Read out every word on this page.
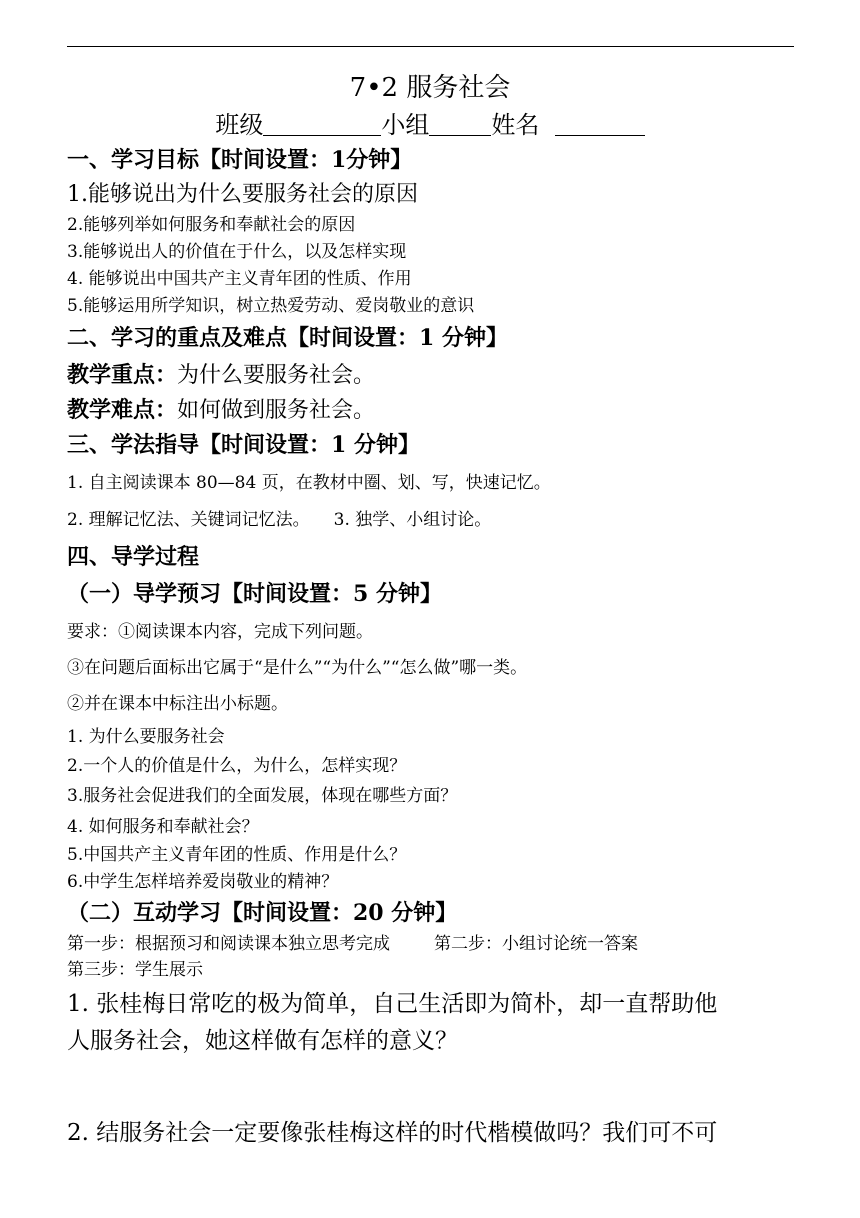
7•2 服务社会
班级	小组	姓名
一、学习目标【时间设置：1分钟】
1.能够说出为什么要服务社会的原因
2.能够列举如何服务和奉献社会的原因
3.能够说出人的价值在于什么，以及怎样实现
4. 能够说出中国共产主义青年团的性质、作用
5.能够运用所学知识，树立热爱劳动、爱岗敬业的意识
二、学习的重点及难点【时间设置：1 分钟】
教学重点：为什么要服务社会。
教学难点：如何做到服务社会。
三、学法指导【时间设置：1 分钟】
1. 自主阅读课本 80—84 页，在教材中圈、划、写，快速记忆。
2. 理解记忆法、关键词记忆法。 3. 独学、小组讨论。
四、导学过程
（一）导学预习【时间设置：5 分钟】
要求：①阅读课本内容，完成下列问题。
③在问题后面标出它属于“是什么”“为什么”“怎么做”哪一类。
②并在课本中标注出小标题。
1. 为什么要服务社会
2.一个人的价值是什么，为什么，怎样实现？
3.服务社会促进我们的全面发展，体现在哪些方面？
4. 如何服务和奉献社会？
5.中国共产主义青年团的性质、作用是什么？
6.中学生怎样培养爱岗敬业的精神？
（二）互动学习【时间设置：20 分钟】
第一步：根据预习和阅读课本独立思考完成	第二步：小组讨论统一答案
第三步：学生展示
1. 张桂梅日常吃的极为简单，自己生活即为简朴，却一直帮助他
人服务社会，她这样做有怎样的意义？
2. 结服务社会一定要像张桂梅这样的时代楷模做吗？我们可不可
